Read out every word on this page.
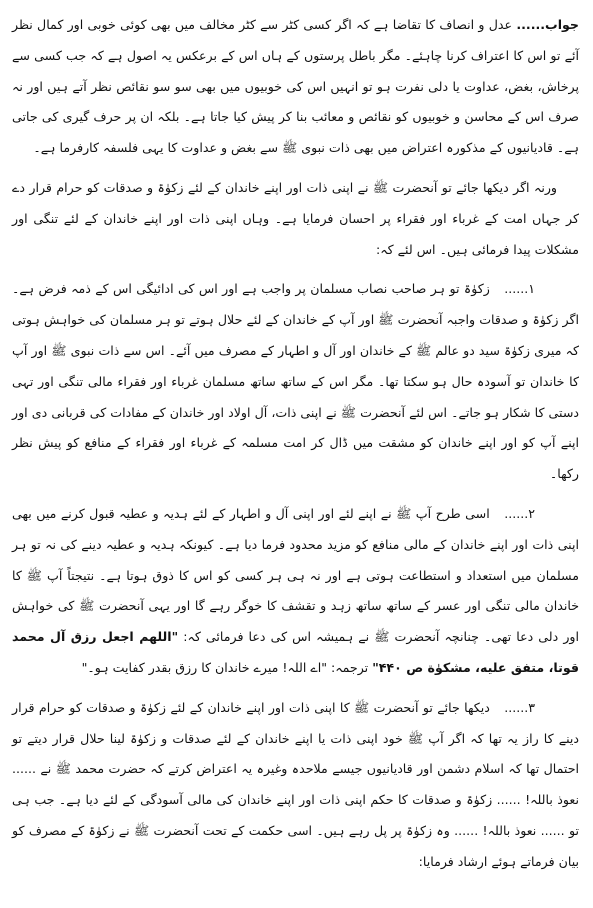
جواب...... عدل و انصاف کا تقاضا ہے کہ اگر کسی کٹر سے کٹر مخالف میں بھی کوئی خوبی اور کمال نظر آئے تو اس کا اعتراف کرنا چاہئے۔ مگر باطل پرستوں کے ہاں اس کے برعکس یہ اصول ہے کہ جب کسی سے پرخاش، بغض، عداوت یا دلی نفرت ہو تو انہیں اس کی خوبیوں میں بھی سو سو نقائص نظر آتے ہیں اور نہ صرف اس کے محاسن و خوبیوں کو نقائص و معائب بنا کر پیش کیا جاتا ہے۔ بلکہ ان پر حرف گیری کی جاتی ہے۔ قادیانیوں کے مذکورہ اعتراض میں بھی ذات نبوی ﷺ سے بغض و عداوت کا یہی فلسفہ کارفرما ہے۔

ورنہ اگر دیکھا جائے تو آنحضرت ﷺ نے اپنی ذات اور اپنے خاندان کے لئے زکوٰۃ و صدقات کو حرام قرار دے کر جہاں امت کے غرباء اور فقراء پر احسان فرمایا ہے۔ وہاں اپنی ذات اور اپنے خاندان کے لئے تنگی اور مشکلات پیدا فرمائی ہیں۔ اس لئے کہ:

۱...... زکوٰۃ تو ہر صاحب نصاب مسلمان پر واجب ہے اور اس کی ادائیگی اس کے ذمہ فرض ہے۔ اگر زکوٰۃ و صدقات واجبہ آنحضرت ﷺ اور آپ کے خاندان کے لئے حلال ہوتے تو ہر مسلمان کی خواہش ہوتی کہ میری زکوٰۃ سید دو عالم ﷺ کے خاندان اور آل و اطہار کے مصرف میں آئے۔ اس سے ذات نبوی ﷺ اور آپ کا خاندان تو آسودہ حال ہو سکتا تھا۔ مگر اس کے ساتھ ساتھ مسلمان غرباء اور فقراء مالی تنگی اور تہی دستی کا شکار ہو جاتے۔ اس لئے آنحضرت ﷺ نے اپنی ذات، آل اولاد اور خاندان کے مفادات کی قربانی دی اور اپنے آپ کو اور اپنے خاندان کو مشقت میں ڈال کر امت مسلمہ کے غرباء اور فقراء کے منافع کو پیش نظر رکھا۔

۲...... اسی طرح آپ ﷺ نے اپنے لئے اور اپنی آل و اطہار کے لئے ہدیہ و عطیہ قبول کرنے میں بھی اپنی ذات اور اپنے خاندان کے مالی منافع کو مزید محدود فرما دیا ہے۔ کیونکہ ہدیہ و عطیہ دینے کی نہ تو ہر مسلمان میں استعداد و استطاعت ہوتی ہے اور نہ ہی ہر کسی کو اس کا ذوق ہوتا ہے۔ نتیجتاً آپ ﷺ کا خاندان مالی تنگی اور عسر کے ساتھ ساتھ زہد و تقشف کا خوگر رہے گا اور یہی آنحضرت ﷺ کی خواہش اور دلی دعا تھی۔ چنانچہ آنحضرت ﷺ نے ہمیشہ اس کی دعا فرمائی کہ: "اللهم اجعل رزق آل محمد قوتا، متفق علیه، مشکوٰة ص ۴۴۰" ترجمہ: "اے اللہ! میرے خاندان کا رزق بقدر کفایت ہو۔"

۳...... دیکھا جائے تو آنحضرت ﷺ کا اپنی ذات اور اپنے خاندان کے لئے زکوٰۃ و صدقات کو حرام قرار دینے کا راز یہ تھا کہ اگر آپ ﷺ خود اپنی ذات یا اپنے خاندان کے لئے صدقات و زکوٰۃ لینا حلال قرار دیتے تو احتمال تھا کہ اسلام دشمن اور قادیانیوں جیسے ملاحدہ وغیرہ یہ اعتراض کرتے کہ حضرت محمد ﷺ نے ...... نعوذ باللہ! ...... زکوٰۃ و صدقات کا حکم اپنی ذات اور اپنے خاندان کی مالی آسودگی کے لئے دیا ہے۔ جب ہی تو ...... نعوذ باللہ! ...... وہ زکوٰۃ پر پل رہے ہیں۔ اسی حکمت کے تحت آنحضرت ﷺ نے زکوٰۃ کے مصرف کو بیان فرماتے ہوئے ارشاد فرمایا:
